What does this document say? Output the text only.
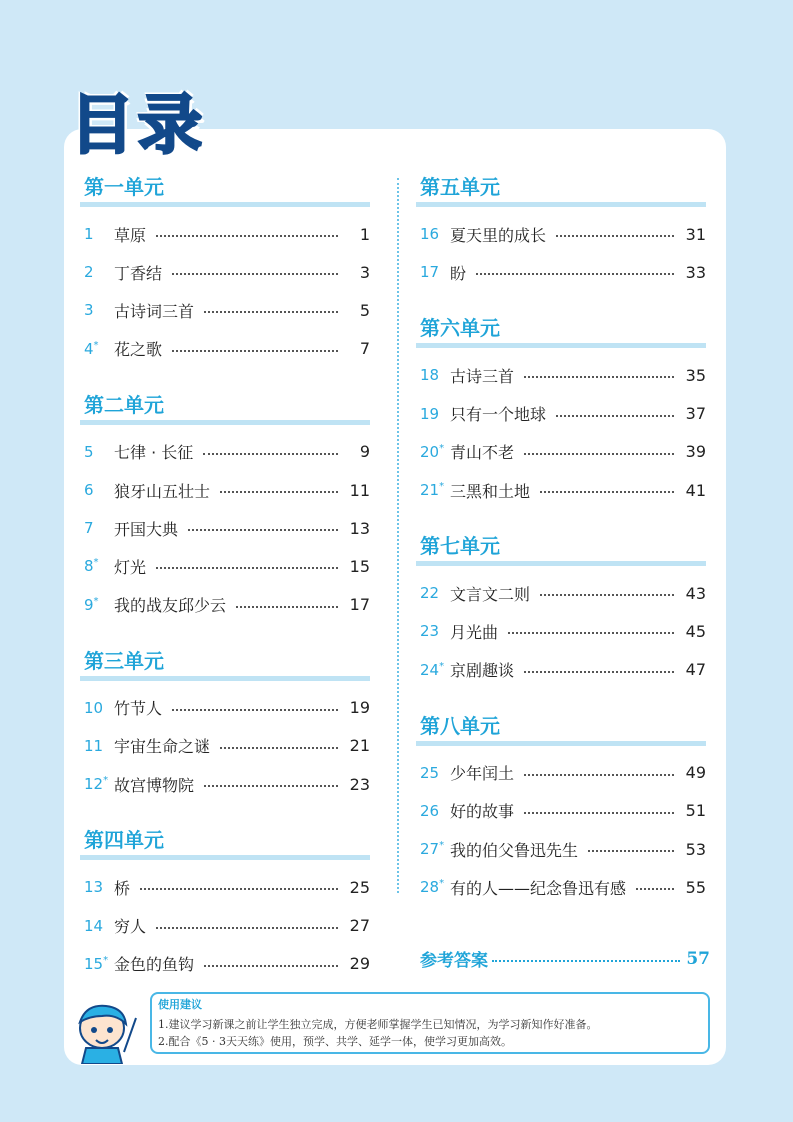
目录
第一单元
1	草原	1
2	丁香结	3
3	古诗词三首	5
4* 花之歌	7
第二单元
5	七律 · 长征	9
6	狼牙山五壮士	11
7	开国大典	13
8* 灯光	15
9* 我的战友邱少云	17
第三单元
10 竹节人	19
11 宇宙生命之谜	21
12* 故宫博物院	23
第四单元
13 桥	25
14 穷人	27
15* 金色的鱼钩	29
第五单元
16 夏天里的成长	31
17 盼	33
第六单元
18 古诗三首	35
19 只有一个地球	37
20* 青山不老	39
21* 三黑和土地	41
第七单元
22 文言文二则	43
23 月光曲	45
24* 京剧趣谈	47
第八单元
25 少年闰土	49
26 好的故事	51
27* 我的伯父鲁迅先生	53
28* 有的人——纪念鲁迅有感	55
参考答案	57
使用建议
1.建议学习新课之前让学生独立完成，方便老师掌握学生已知情况，为学习新知作好准备。
2.配合《5 · 3天天练》使用，预学、共学、延学一体，使学习更加高效。
